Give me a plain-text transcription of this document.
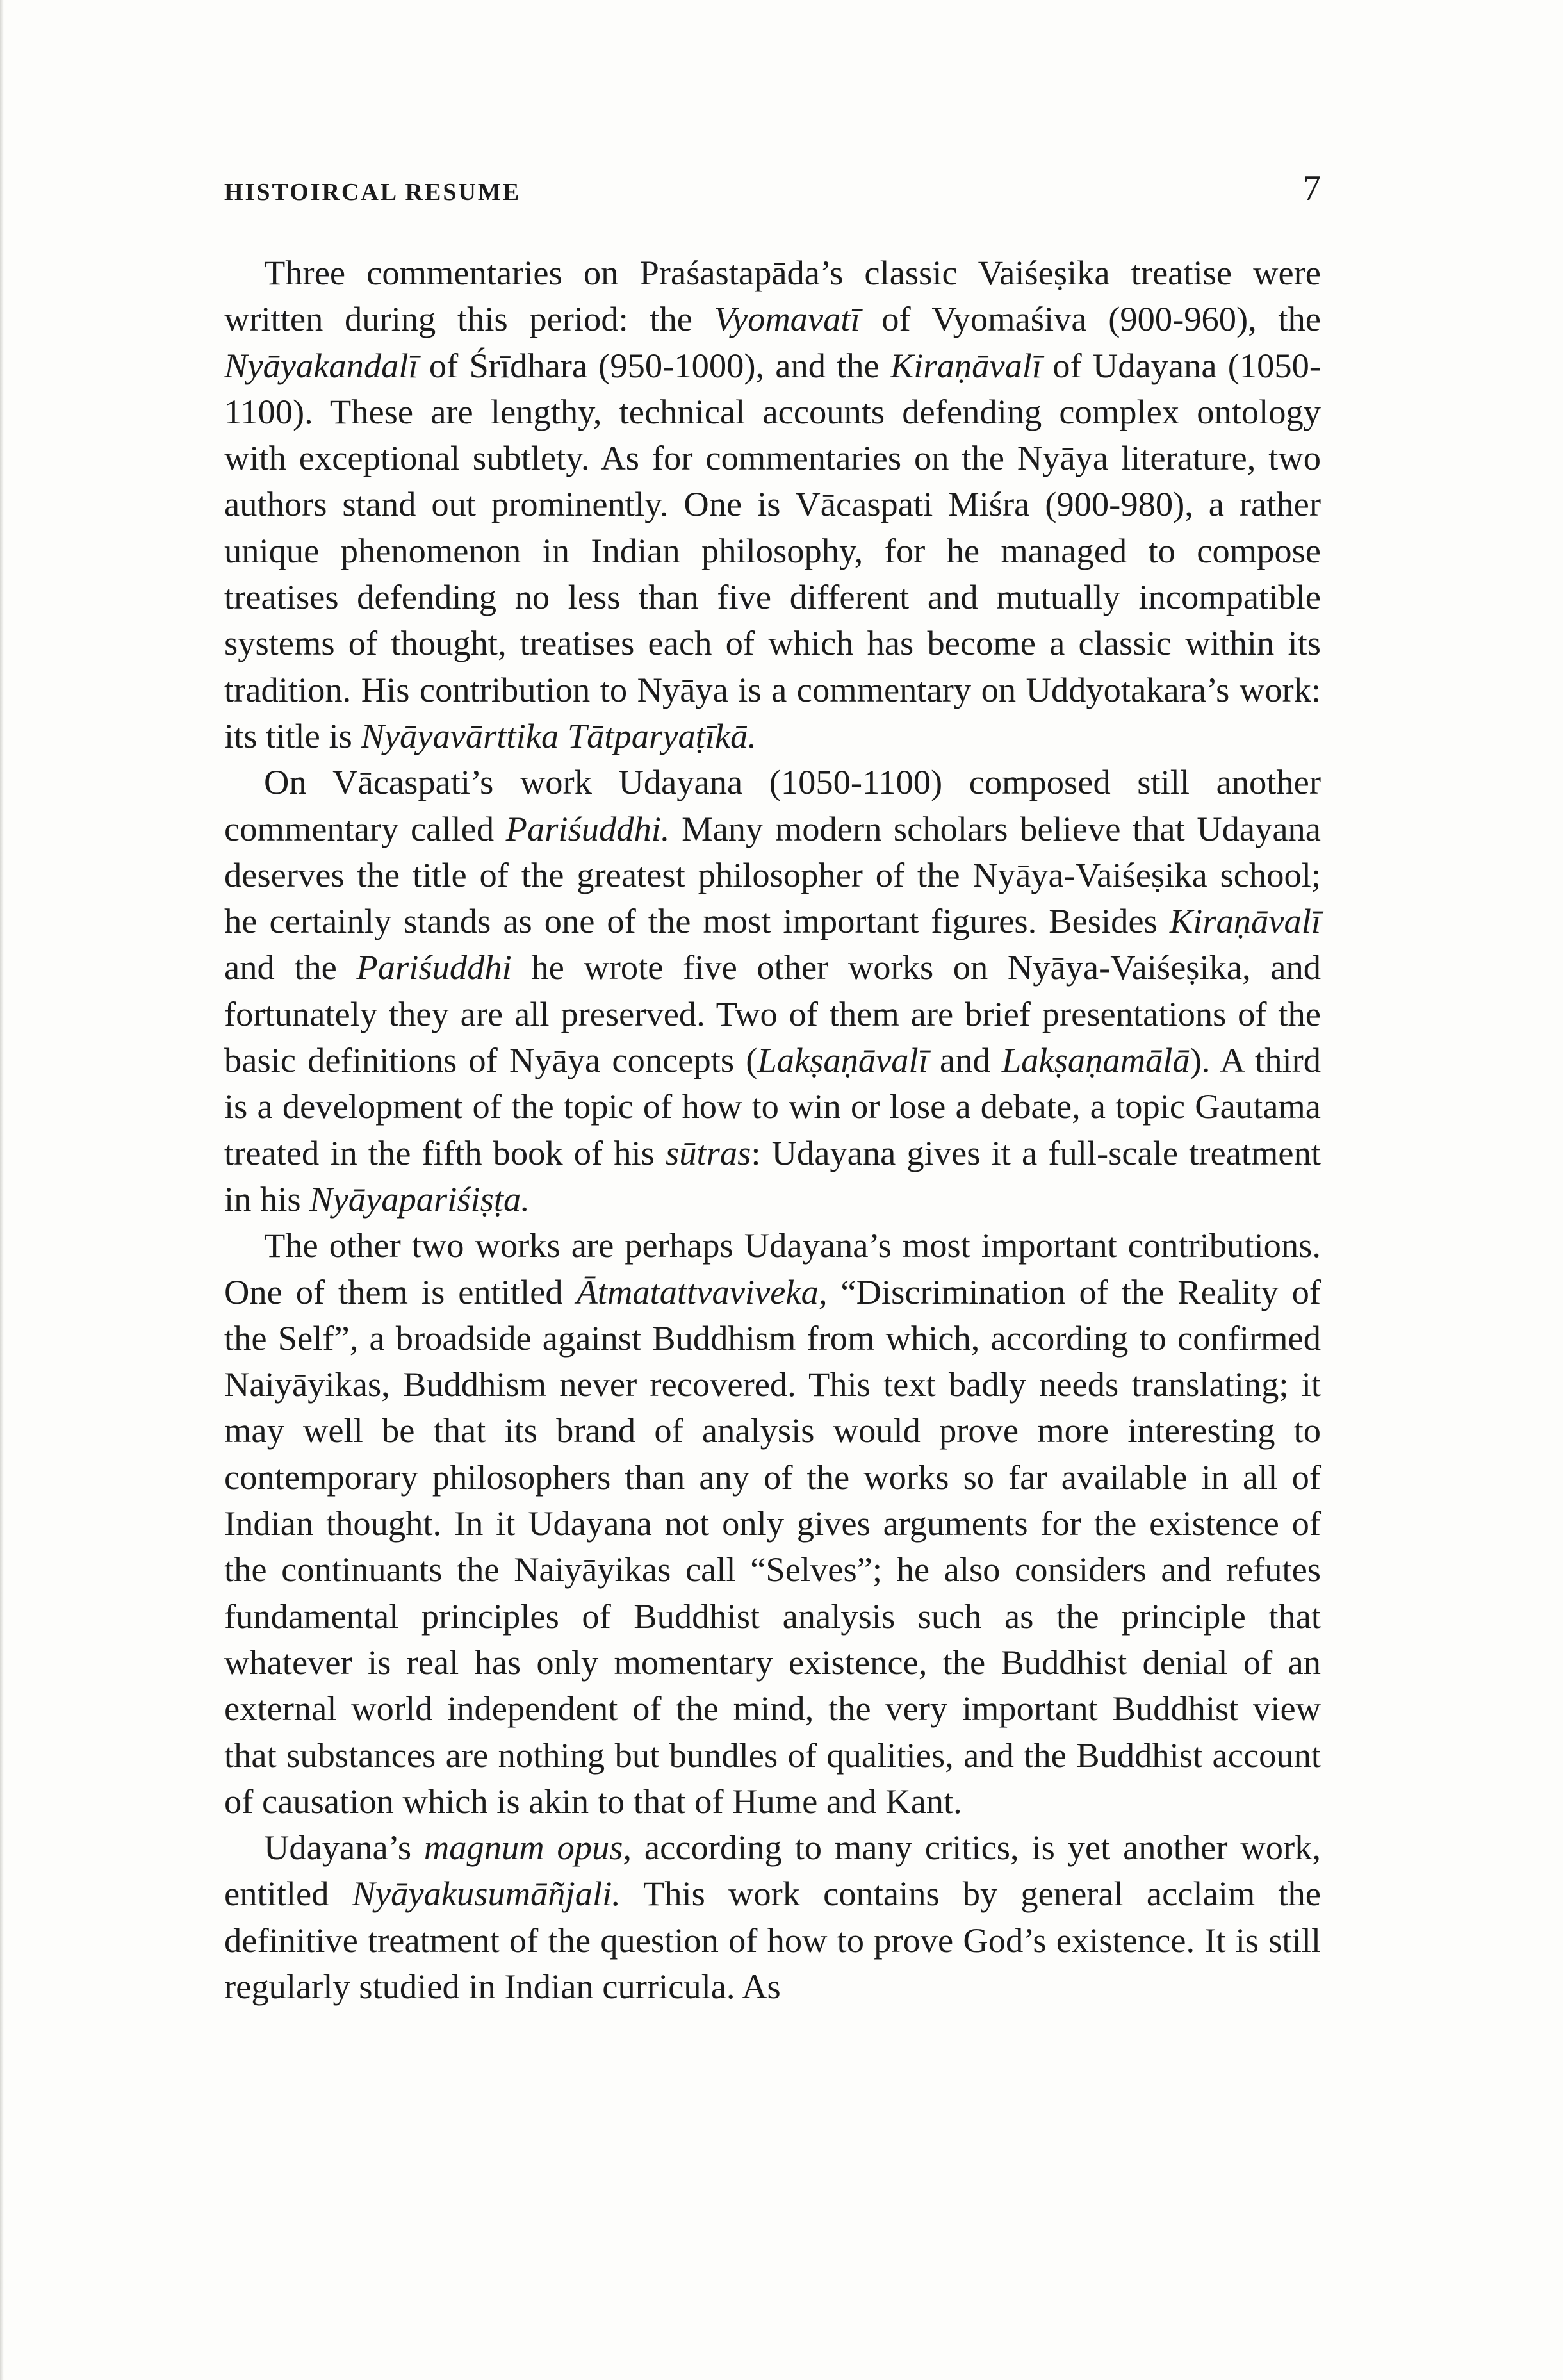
HISTOIRCAL RESUME	7

Three commentaries on Praśastapāda’s classic Vaiśeṣika treatise were written during this period: the Vyomavatī of Vyomaśiva (900-960), the Nyāyakandalī of Śrīdhara (950-1000), and the Kiraṇāvalī of Udayana (1050-1100). These are lengthy, technical accounts defending complex ontology with exceptional subtlety. As for commentaries on the Nyāya literature, two authors stand out prominently. One is Vācaspati Miśra (900-980), a rather unique phenomenon in Indian philosophy, for he managed to compose treatises defending no less than five different and mutually incompatible systems of thought, treatises each of which has become a classic within its tradition. His contribution to Nyāya is a commentary on Uddyotakara’s work: its title is Nyāyavārttika Tātparyaṭīkā.

On Vācaspati’s work Udayana (1050-1100) composed still another commentary called Pariśuddhi. Many modern scholars believe that Udayana deserves the title of the greatest philosopher of the Nyāya-Vaiśeṣika school; he certainly stands as one of the most important figures. Besides Kiraṇāvalī and the Pariśuddhi he wrote five other works on Nyāya-Vaiśeṣika, and fortunately they are all preserved. Two of them are brief presentations of the basic definitions of Nyāya concepts (Lakṣaṇāvalī and Lakṣaṇamālā). A third is a development of the topic of how to win or lose a debate, a topic Gautama treated in the fifth book of his sūtras: Udayana gives it a full-scale treatment in his Nyāyapariśiṣṭa.

The other two works are perhaps Udayana’s most important contributions. One of them is entitled Ātmatattvaviveka, “Discrimination of the Reality of the Self”, a broadside against Buddhism from which, according to confirmed Naiyāyikas, Buddhism never recovered. This text badly needs translating; it may well be that its brand of analysis would prove more interesting to contemporary philosophers than any of the works so far available in all of Indian thought. In it Udayana not only gives arguments for the existence of the continuants the Naiyāyikas call “Selves”; he also considers and refutes fundamental principles of Buddhist analysis such as the principle that whatever is real has only momentary existence, the Buddhist denial of an external world independent of the mind, the very important Buddhist view that substances are nothing but bundles of qualities, and the Buddhist account of causation which is akin to that of Hume and Kant.

Udayana’s magnum opus, according to many critics, is yet another work, entitled Nyāyakusumāñjali. This work contains by general acclaim the definitive treatment of the question of how to prove God’s existence. It is still regularly studied in Indian curricula. As
